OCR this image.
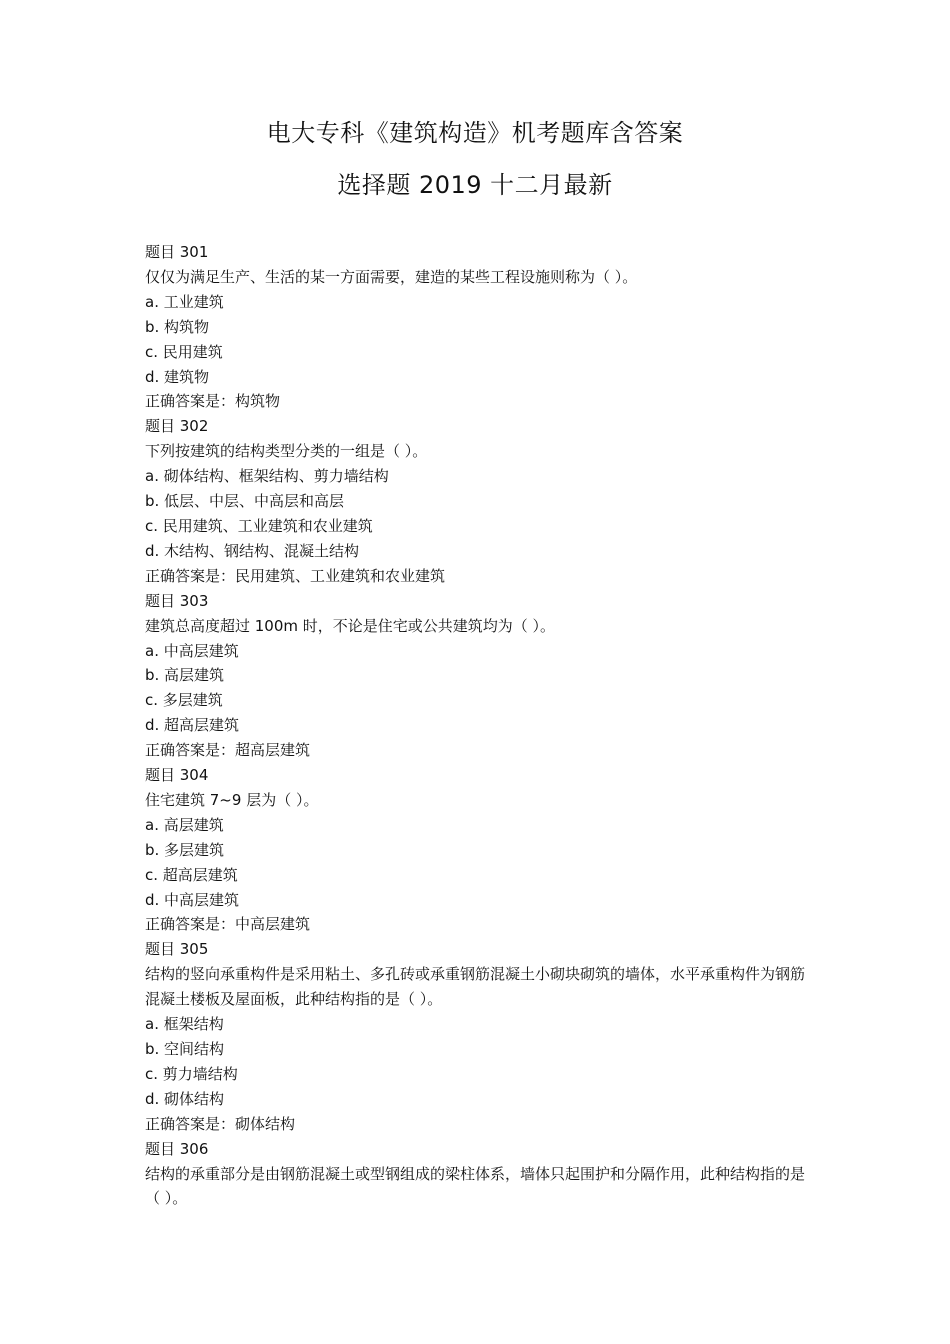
电大专科《建筑构造》机考题库含答案
选择题 2019 十二月最新
题目 301
仅仅为满足生产、生活的某一方面需要，建造的某些工程设施则称为（ ）。
a. 工业建筑
b. 构筑物
c. 民用建筑
d. 建筑物
正确答案是：构筑物
题目 302
下列按建筑的结构类型分类的一组是（ ）。
a. 砌体结构、框架结构、剪力墙结构
b. 低层、中层、中高层和高层
c. 民用建筑、工业建筑和农业建筑
d. 木结构、钢结构、混凝土结构
正确答案是：民用建筑、工业建筑和农业建筑
题目 303
建筑总高度超过 100m 时，不论是住宅或公共建筑均为（ ）。
a. 中高层建筑
b. 高层建筑
c. 多层建筑
d. 超高层建筑
正确答案是：超高层建筑
题目 304
住宅建筑 7~9 层为（ ）。
a. 高层建筑
b. 多层建筑
c. 超高层建筑
d. 中高层建筑
正确答案是：中高层建筑
题目 305
结构的竖向承重构件是采用粘土、多孔砖或承重钢筋混凝土小砌块砌筑的墙体，水平承重构件为钢筋混凝土楼板及屋面板，此种结构指的是（ ）。
a. 框架结构
b. 空间结构
c. 剪力墙结构
d. 砌体结构
正确答案是：砌体结构
题目 306
结构的承重部分是由钢筋混凝土或型钢组成的梁柱体系，墙体只起围护和分隔作用，此种结构指的是（ ）。
